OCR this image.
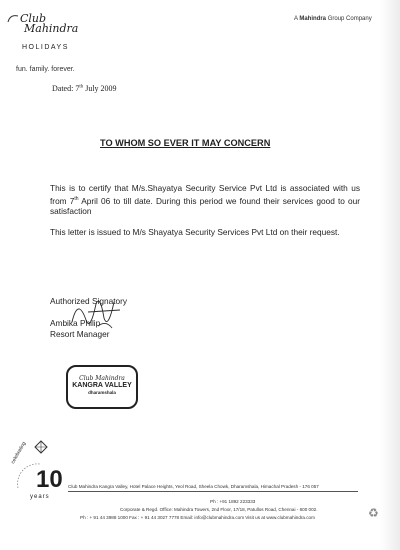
Club
Mahindra
HOLIDAYS
fun. family. forever.
A Mahindra Group Company
Dated: 7th July 2009
TO WHOM SO EVER IT MAY CONCERN
This is to certify that M/s.Shayatya Security Service Pvt Ltd is associated with us from 7th April 06 to till date. During this period we found their services good to our satisfaction
This letter is issued to M/s Shayatya Security Services Pvt Ltd on their request.
Authorized Signatory
Ambika Philip
Resort Manager
Club Mahindra
KANGRA VALLEY
dharamshala
celebrating
10
years
Club Mahindra Kangra Valley, Hotel Palace Heights, Yeol Road, Sheela Chowk, Dharamshala, Himachal Pradesh - 176 057
Ph : +91 1892 223333
Corporate & Regd. Office: Mahindra Towers, 2nd Floor, 17/18, Patullos Road, Chennai - 600 002.
Ph : + 91 44 3988 1000 Fax : + 91 44 3027 7778 Email: info@clubmahindra.com Visit us at www.clubmahindra.com	♻
